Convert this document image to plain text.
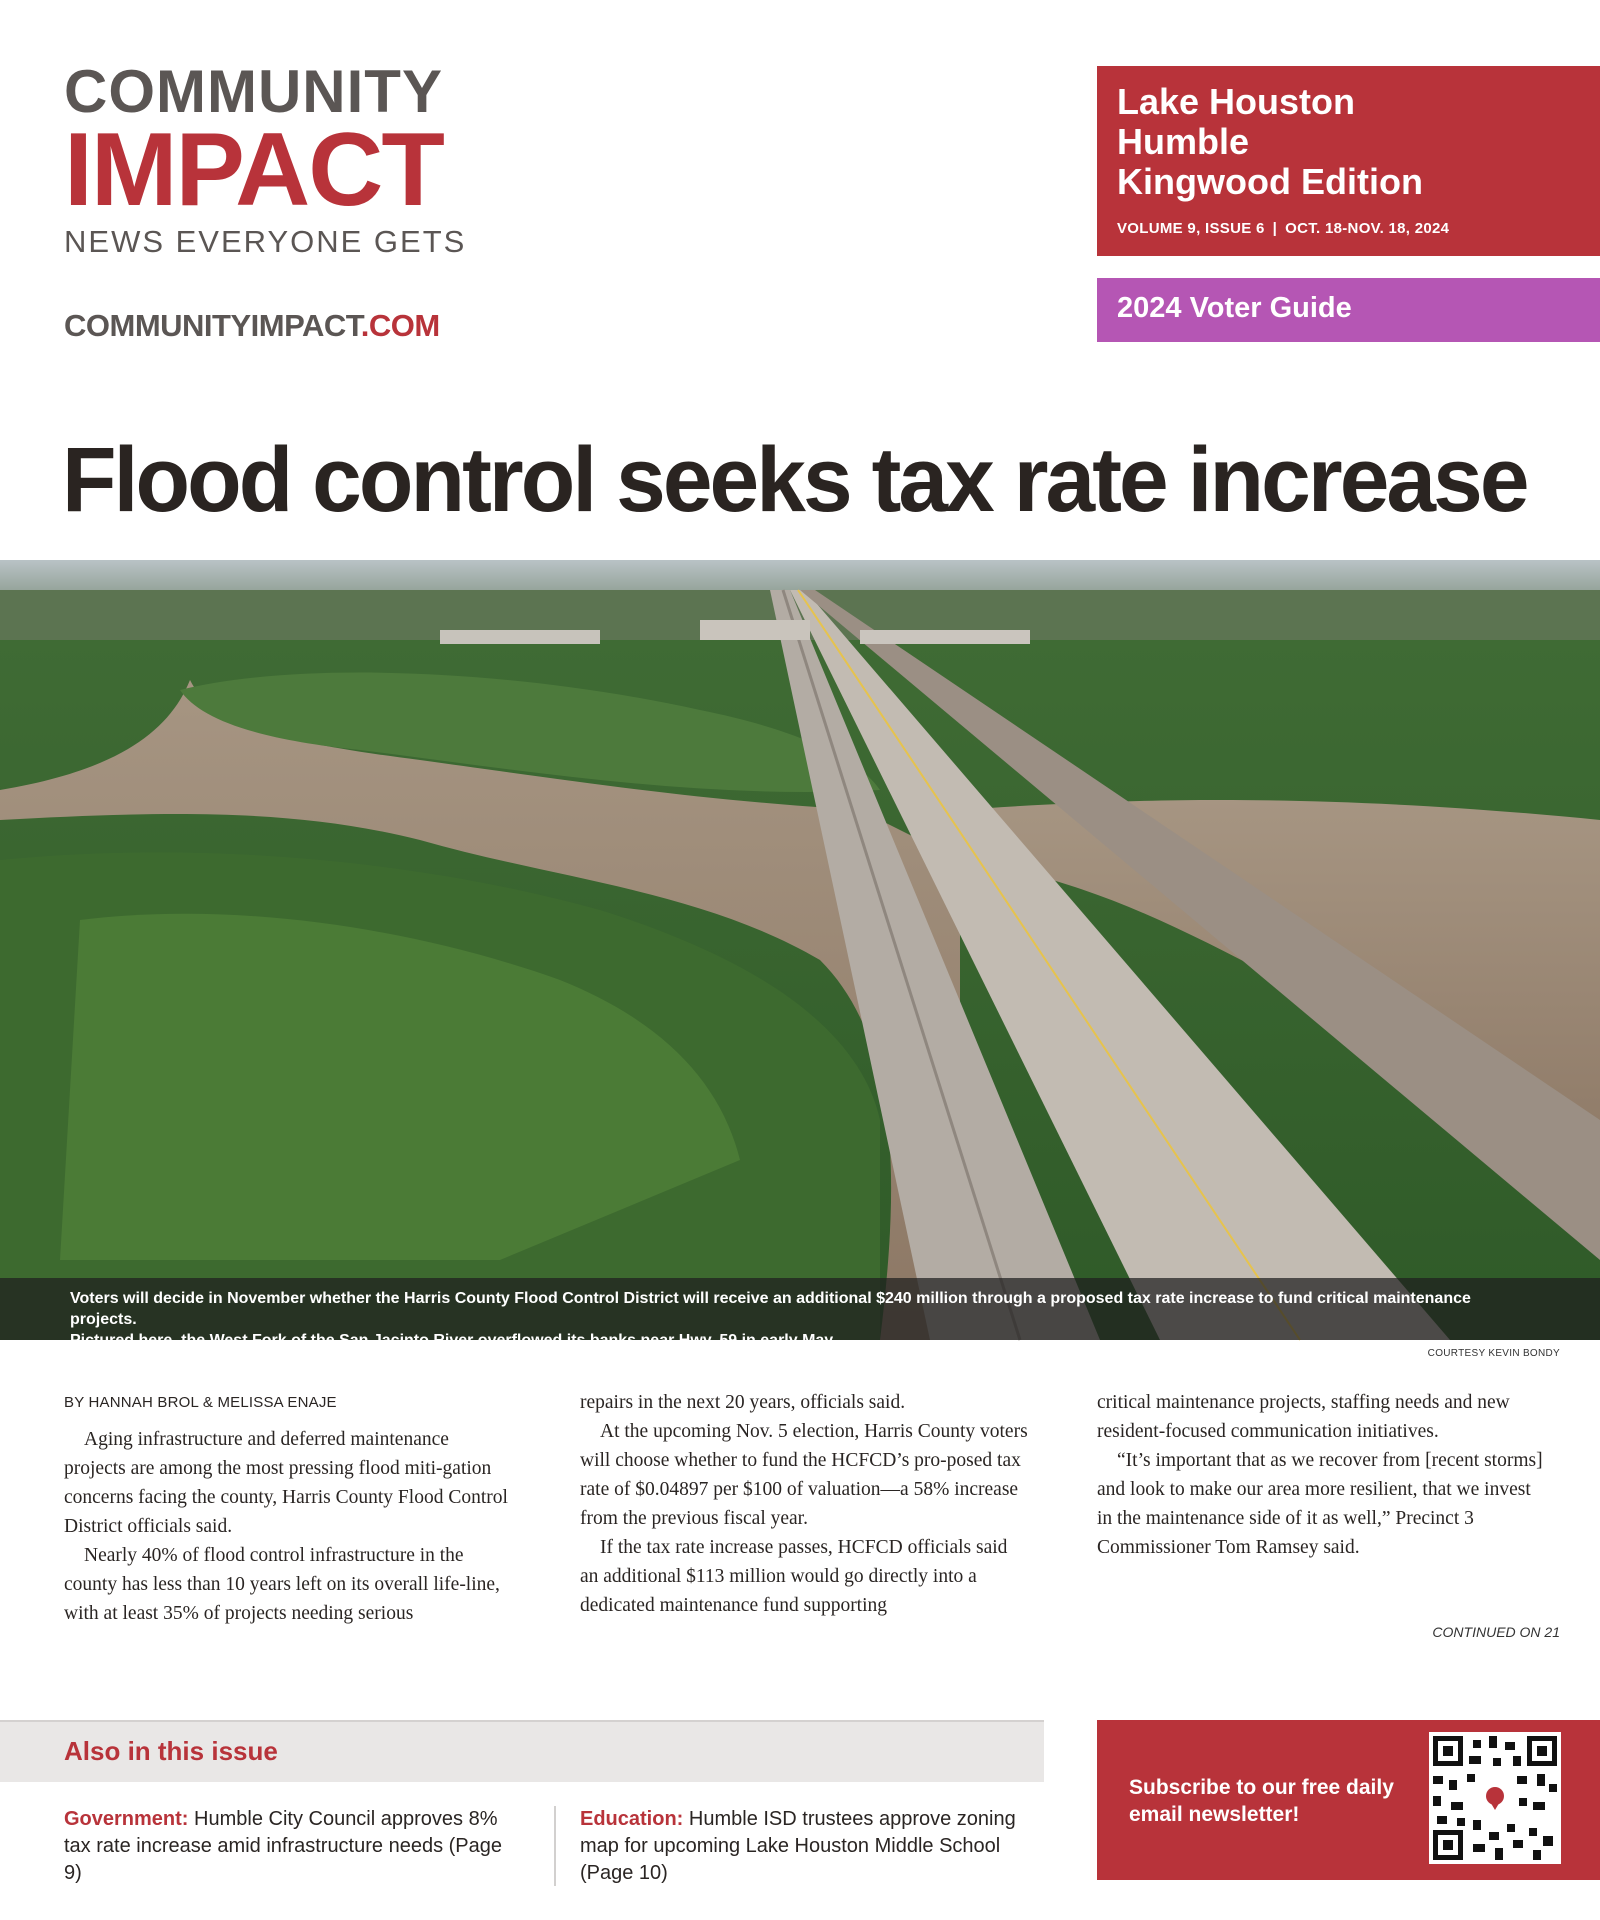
COMMUNITY
IMPACT
NEWS EVERYONE GETS
COMMUNITYIMPACT.COM
Lake Houston
Humble
Kingwood Edition
VOLUME 9, ISSUE 6 | OCT. 18-NOV. 18, 2024
2024 Voter Guide
Flood control seeks tax rate increase
Voters will decide in November whether the Harris County Flood Control District will receive an additional $240 million through a proposed tax rate increase to fund critical maintenance projects.
Pictured here, the West Fork of the San Jacinto River overflowed its banks near Hwy. 59 in early May.
COURTESY KEVIN BONDY
BY HANNAH BROL & MELISSA ENAJE

Aging infrastructure and deferred maintenance projects are among the most pressing flood miti-gation concerns facing the county, Harris County Flood Control District officials said.

Nearly 40% of flood control infrastructure in the county has less than 10 years left on its overall life-line, with at least 35% of projects needing serious

repairs in the next 20 years, officials said.

At the upcoming Nov. 5 election, Harris County voters will choose whether to fund the HCFCD’s pro-posed tax rate of $0.04897 per $100 of valuation—a 58% increase from the previous fiscal year.

If the tax rate increase passes, HCFCD officials said an additional $113 million would go directly into a dedicated maintenance fund supporting

critical maintenance projects, staffing needs and new resident-focused communication initiatives.

“It’s important that as we recover from [recent storms] and look to make our area more resilient, that we invest in the maintenance side of it as well,” Precinct 3 Commissioner Tom Ramsey said.

CONTINUED ON 21
Also in this issue
Government: Humble City Council approves 8% tax rate increase amid infrastructure needs (Page 9)
Education: Humble ISD trustees approve zoning map for upcoming Lake Houston Middle School (Page 10)
Subscribe to our free daily email newsletter!
